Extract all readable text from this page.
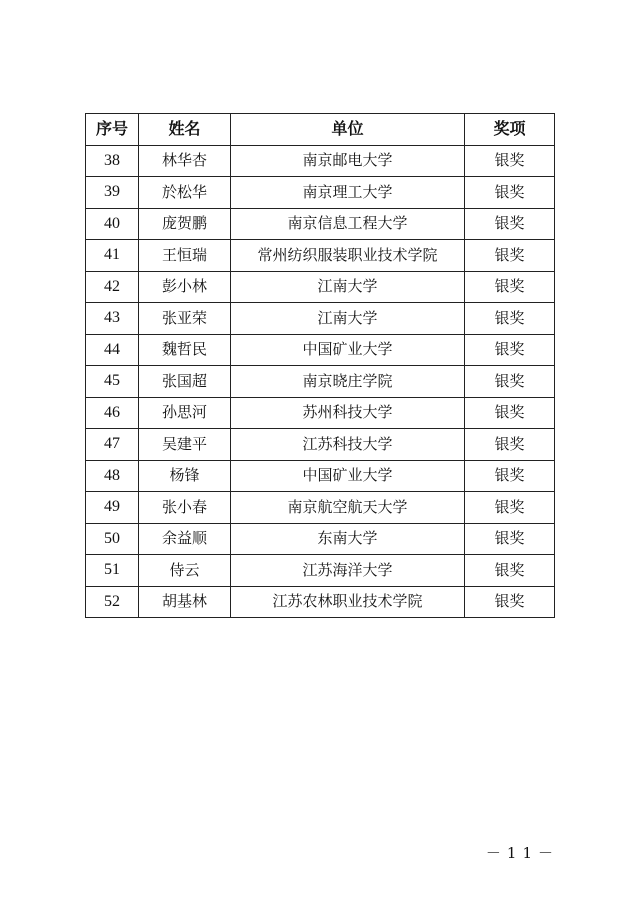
序号	姓名	单位	奖项
38	林华杏	南京邮电大学	银奖
39	於松华	南京理工大学	银奖
40	庞贺鹏	南京信息工程大学	银奖
41	王恒瑞	常州纺织服装职业技术学院	银奖
42	彭小林	江南大学	银奖
43	张亚荣	江南大学	银奖
44	魏哲民	中国矿业大学	银奖
45	张国超	南京晓庄学院	银奖
46	孙思河	苏州科技大学	银奖
47	吴建平	江苏科技大学	银奖
48	杨锋	中国矿业大学	银奖
49	张小春	南京航空航天大学	银奖
50	余益顺	东南大学	银奖
51	侍云	江苏海洋大学	银奖
52	胡基林	江苏农林职业技术学院	银奖
－11－
